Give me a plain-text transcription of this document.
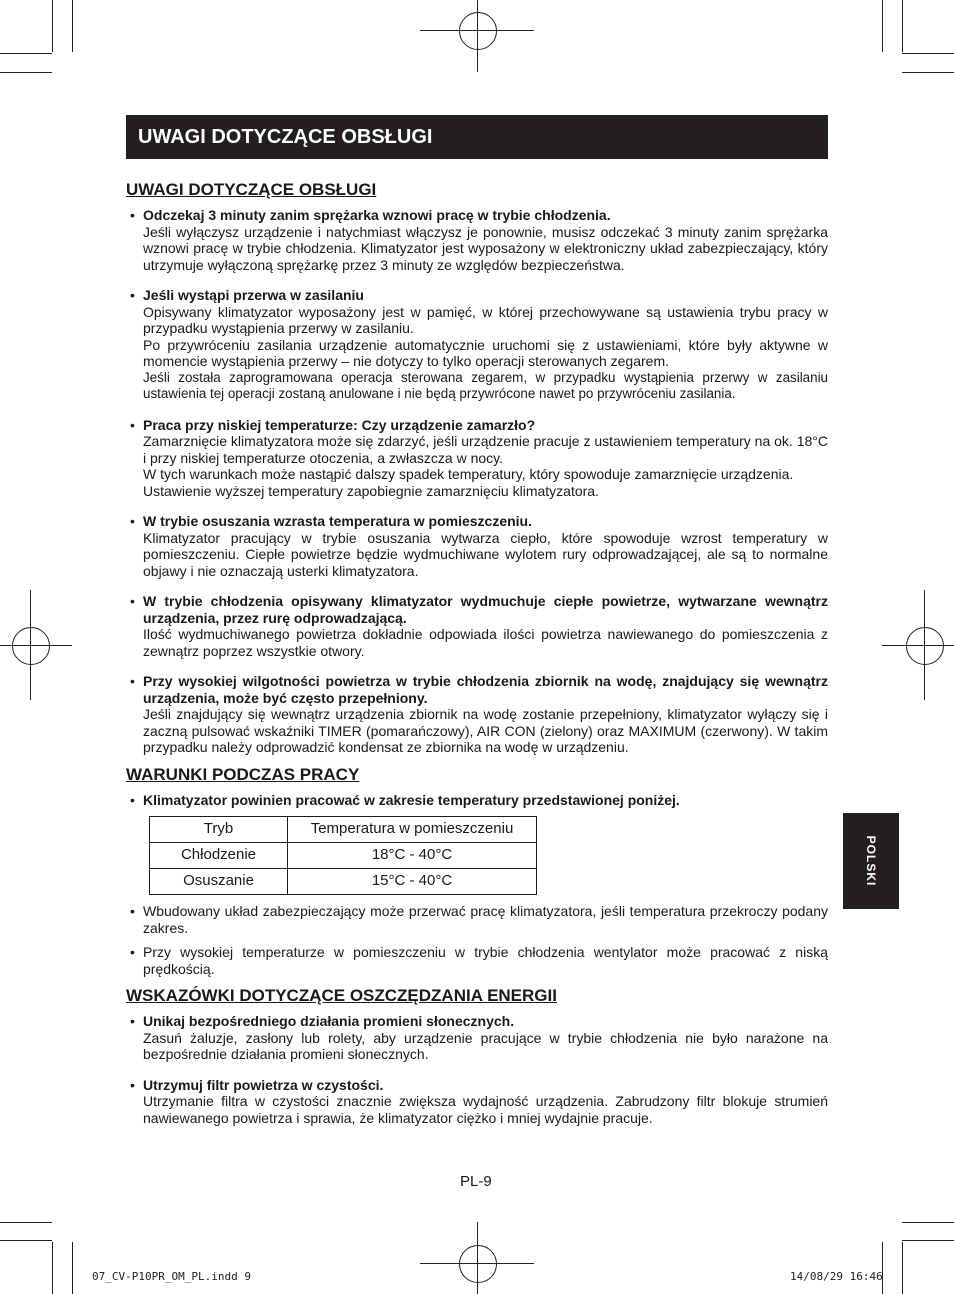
UWAGI DOTYCZĄCE OBSŁUGI
POLSKI
UWAGI DOTYCZĄCE OBSŁUGI
• Odczekaj 3 minuty zanim sprężarka wznowi pracę w trybie chłodzenia.

Jeśli wyłączysz urządzenie i natychmiast włączysz je ponownie, musisz odczekać 3 minuty zanim sprężarka wznowi pracę w trybie chłodzenia. Klimatyzator jest wyposażony w elektroniczny układ zabezpieczający, który utrzymuje wyłączoną sprężarkę przez 3 minuty ze względów bezpieczeństwa.

• Jeśli wystąpi przerwa w zasilaniu

Opisywany klimatyzator wyposażony jest w pamięć, w której przechowywane są ustawienia trybu pracy w przypadku wystąpienia przerwy w zasilaniu.

Po przywróceniu zasilania urządzenie automatycznie uruchomi się z ustawieniami, które były aktywne w momencie wystąpienia przerwy – nie dotyczy to tylko operacji sterowanych zegarem.

Jeśli została zaprogramowana operacja sterowana zegarem, w przypadku wystąpienia przerwy w zasilaniu ustawienia tej operacji zostaną anulowane i nie będą przywrócone nawet po przywróceniu zasilania.

• Praca przy niskiej temperaturze: Czy urządzenie zamarzło?

Zamarznięcie klimatyzatora może się zdarzyć, jeśli urządzenie pracuje z ustawieniem temperatury na ok. 18°C i przy niskiej temperaturze otoczenia, a zwłaszcza w nocy.

W tych warunkach może nastąpić dalszy spadek temperatury, który spowoduje zamarznięcie urządzenia.

Ustawienie wyższej temperatury zapobiegnie zamarznięciu klimatyzatora.

• W trybie osuszania wzrasta temperatura w pomieszczeniu.

Klimatyzator pracujący w trybie osuszania wytwarza ciepło, które spowoduje wzrost temperatury w pomieszczeniu. Ciepłe powietrze będzie wydmuchiwane wylotem rury odprowadzającej, ale są to normalne objawy i nie oznaczają usterki klimatyzatora.

• W trybie chłodzenia opisywany klimatyzator wydmuchuje ciepłe powietrze, wytwarzane wewnątrz urządzenia, przez rurę odprowadzającą.

Ilość wydmuchiwanego powietrza dokładnie odpowiada ilości powietrza nawiewanego do pomieszczenia z zewnątrz poprzez wszystkie otwory.

• Przy wysokiej wilgotności powietrza w trybie chłodzenia zbiornik na wodę, znajdujący się wewnątrz urządzenia, może być często przepełniony.

Jeśli znajdujący się wewnątrz urządzenia zbiornik na wodę zostanie przepełniony, klimatyzator wyłączy się i zaczną pulsować wskaźniki TIMER (pomarańczowy), AIR CON (zielony) oraz MAXIMUM (czerwony). W takim przypadku należy odprowadzić kondensat ze zbiornika na wodę w urządzeniu.

WARUNKI PODCZAS PRACY
• Klimatyzator powinien pracować w zakresie temperatury przedstawionej poniżej.
Tryb	Temperatura w pomieszczeniu
Chłodzenie	18°C - 40°C
Osuszanie	15°C - 40°C
• Wbudowany układ zabezpieczający może przerwać pracę klimatyzatora, jeśli temperatura przekroczy podany zakres.

• Przy wysokiej temperaturze w pomieszczeniu w trybie chłodzenia wentylator może pracować z niską prędkością.

WSKAZÓWKI DOTYCZĄCE OSZCZĘDZANIA ENERGII
• Unikaj bezpośredniego działania promieni słonecznych.

Zasuń żaluzje, zasłony lub rolety, aby urządzenie pracujące w trybie chłodzenia nie było narażone na bezpośrednie działania promieni słonecznych.

• Utrzymuj filtr powietrza w czystości.

Utrzymanie filtra w czystości znacznie zwiększa wydajność urządzenia. Zabrudzony filtr blokuje strumień nawiewanego powietrza i sprawia, że klimatyzator ciężko i mniej wydajnie pracuje.

PL-9
07_CV-P10PR_OM_PL.indd 9	14/08/29 16:46
